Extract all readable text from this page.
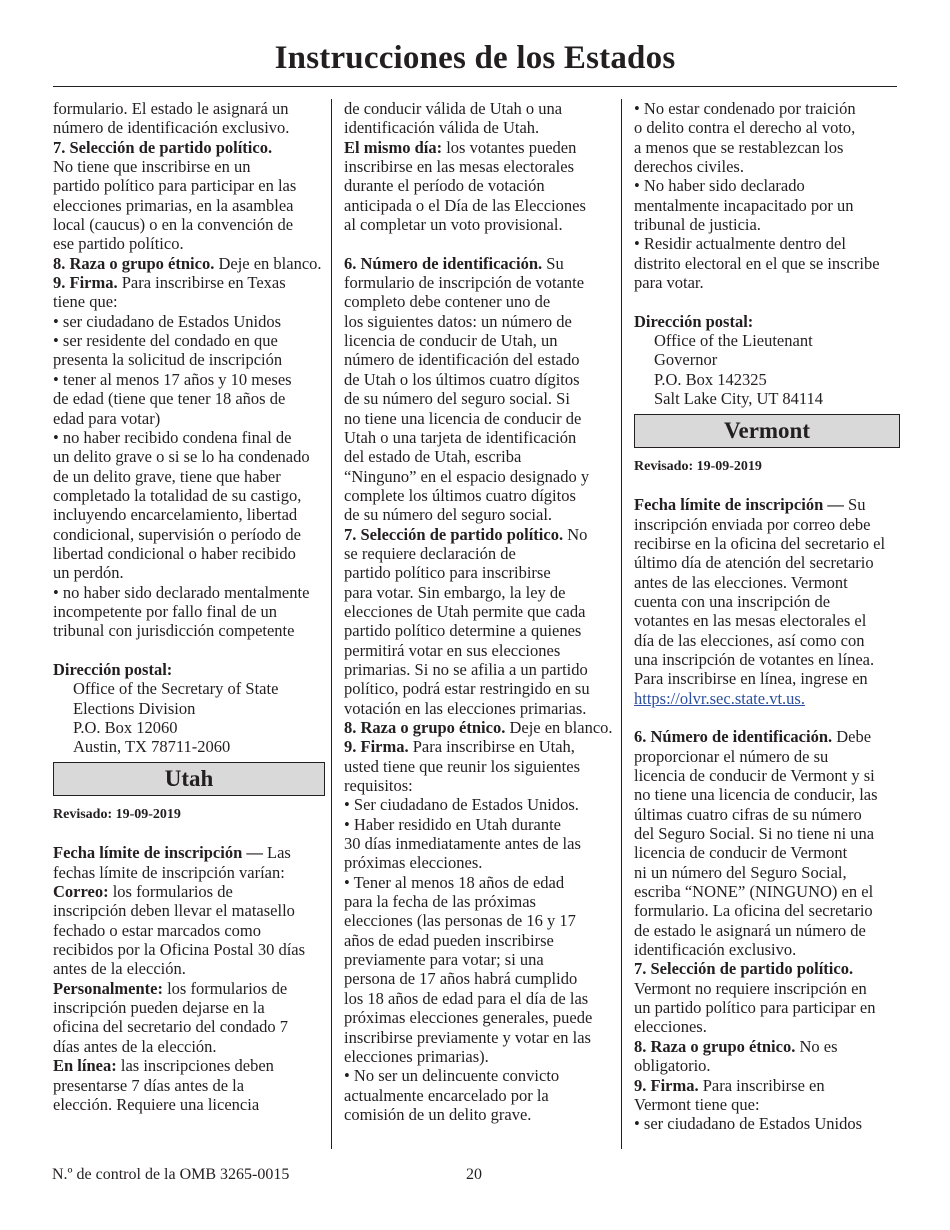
Instrucciones de los Estados
formulario. El estado le asignará un
número de identificación exclusivo.
7. Selección de partido político.
No tiene que inscribirse en un
partido político para participar en las
elecciones primarias, en la asamblea
local (caucus) o en la convención de
ese partido político.
8. Raza o grupo étnico. Deje en blanco.
9. Firma. Para inscribirse en Texas
tiene que:
• ser ciudadano de Estados Unidos
• ser residente del condado en que
presenta la solicitud de inscripción
• tener al menos 17 años y 10 meses
de edad (tiene que tener 18 años de
edad para votar)
• no haber recibido condena final de
un delito grave o si se lo ha condenado
de un delito grave, tiene que haber
completado la totalidad de su castigo,
incluyendo encarcelamiento, libertad
condicional, supervisión o período de
libertad condicional o haber recibido
un perdón.
• no haber sido declarado mentalmente
incompetente por fallo final de un
tribunal con jurisdicción competente
Dirección postal:
Office of the Secretary of State
Elections Division
P.O. Box 12060
Austin, TX 78711-2060
Utah
Revisado: 19-09-2019
Fecha límite de inscripción — Las
fechas límite de inscripción varían:
Correo: los formularios de
inscripción deben llevar el matasello
fechado o estar marcados como
recibidos por la Oficina Postal 30 días
antes de la elección.
Personalmente: los formularios de
inscripción pueden dejarse en la
oficina del secretario del condado 7
días antes de la elección.
En línea: las inscripciones deben
presentarse 7 días antes de la
elección. Requiere una licencia
de conducir válida de Utah o una
identificación válida de Utah.
El mismo día: los votantes pueden
inscribirse en las mesas electorales
durante el período de votación
anticipada o el Día de las Elecciones
al completar un voto provisional.
6. Número de identificación. Su
formulario de inscripción de votante
completo debe contener uno de
los siguientes datos: un número de
licencia de conducir de Utah, un
número de identificación del estado
de Utah o los últimos cuatro dígitos
de su número del seguro social. Si
no tiene una licencia de conducir de
Utah o una tarjeta de identificación
del estado de Utah, escriba
“Ninguno” en el espacio designado y
complete los últimos cuatro dígitos
de su número del seguro social.
7. Selección de partido político. No
se requiere declaración de
partido político para inscribirse
para votar. Sin embargo, la ley de
elecciones de Utah permite que cada
partido político determine a quienes
permitirá votar en sus elecciones
primarias. Si no se afilia a un partido
político, podrá estar restringido en su
votación en las elecciones primarias.
8. Raza o grupo étnico. Deje en blanco.
9. Firma. Para inscribirse en Utah,
usted tiene que reunir los siguientes
requisitos:
• Ser ciudadano de Estados Unidos.
• Haber residido en Utah durante
30 días inmediatamente antes de las
próximas elecciones.
• Tener al menos 18 años de edad
para la fecha de las próximas
elecciones (las personas de 16 y 17
años de edad pueden inscribirse
previamente para votar; si una
persona de 17 años habrá cumplido
los 18 años de edad para el día de las
próximas elecciones generales, puede
inscribirse previamente y votar en las
elecciones primarias).
• No ser un delincuente convicto
actualmente encarcelado por la
comisión de un delito grave.
• No estar condenado por traición
o delito contra el derecho al voto,
a menos que se restablezcan los
derechos civiles.
• No haber sido declarado
mentalmente incapacitado por un
tribunal de justicia.
• Residir actualmente dentro del
distrito electoral en el que se inscribe
para votar.
Dirección postal:
Office of the Lieutenant
Governor
P.O. Box 142325
Salt Lake City, UT 84114
Vermont
Revisado: 19-09-2019
Fecha límite de inscripción — Su
inscripción enviada por correo debe
recibirse en la oficina del secretario el
último día de atención del secretario
antes de las elecciones. Vermont
cuenta con una inscripción de
votantes en las mesas electorales el
día de las elecciones, así como con
una inscripción de votantes en línea.
Para inscribirse en línea, ingrese en
https://olvr.sec.state.vt.us.
6. Número de identificación. Debe
proporcionar el número de su
licencia de conducir de Vermont y si
no tiene una licencia de conducir, las
últimas cuatro cifras de su número
del Seguro Social. Si no tiene ni una
licencia de conducir de Vermont
ni un número del Seguro Social,
escriba “NONE” (NINGUNO) en el
formulario. La oficina del secretario
de estado le asignará un número de
identificación exclusivo.
7. Selección de partido político.
Vermont no requiere inscripción en
un partido político para participar en
elecciones.
8. Raza o grupo étnico. No es
obligatorio.
9. Firma. Para inscribirse en
Vermont tiene que:
• ser ciudadano de Estados Unidos
N.º de control de la OMB 3265-0015	20
